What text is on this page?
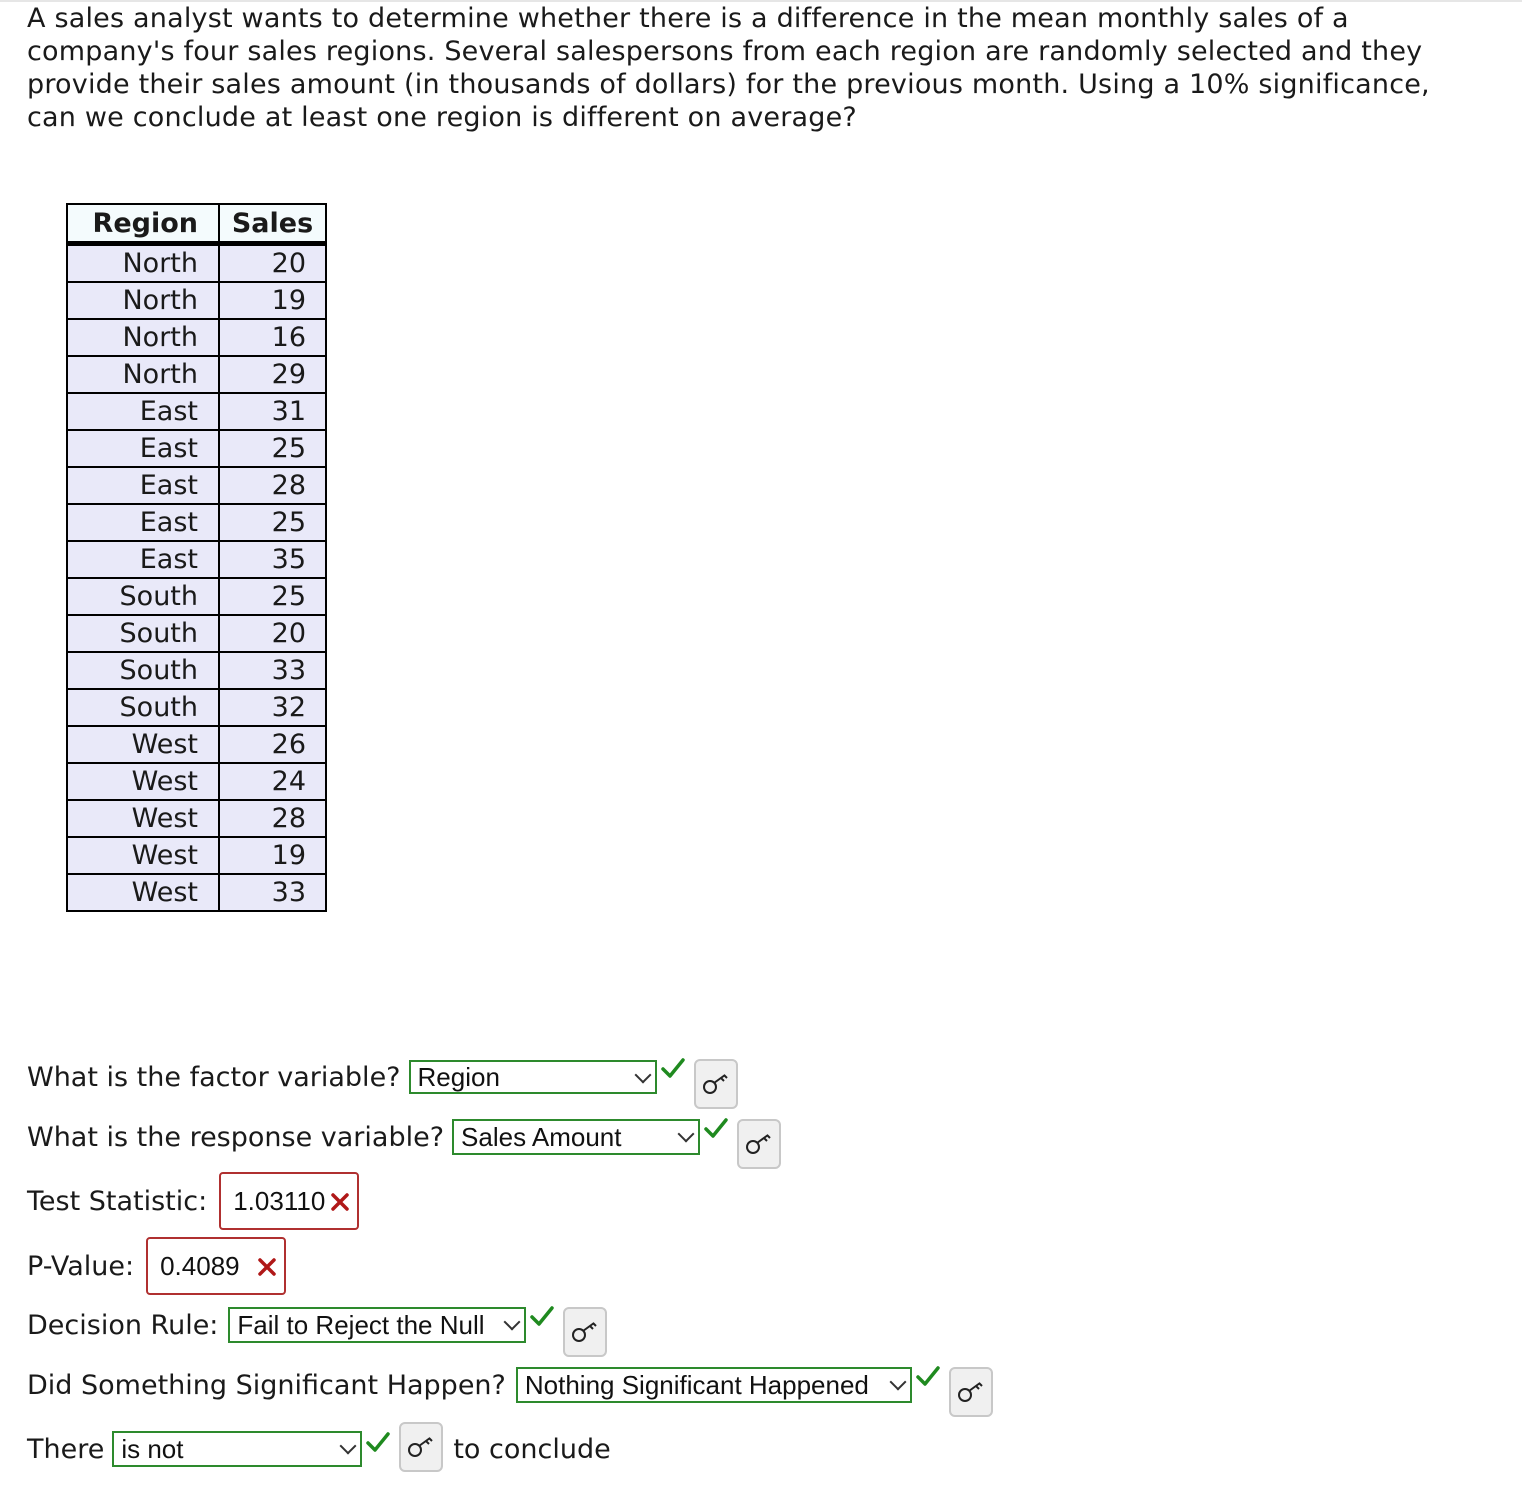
A sales analyst wants to determine whether there is a difference in the mean monthly sales of a company's four sales regions. Several salespersons from each region are randomly selected and they provide their sales amount (in thousands of dollars) for the previous month. Using a 10% significance, can we conclude at least one region is different on average?
Region	Sales
North	20
North	19
North	16
North	29
East	31
East	25
East	28
East	25
East	35
South	25
South	20
South	33
South	32
West	26
West	24
West	28
West	19
West	33
What is the factor variable? Region
What is the response variable? Sales Amount
Test Statistic:	1.03110
P-Value:	0.4089
Decision Rule: Fail to Reject the Null
Did Something Significant Happen? Nothing Significant Happened
There is not	to conclude
